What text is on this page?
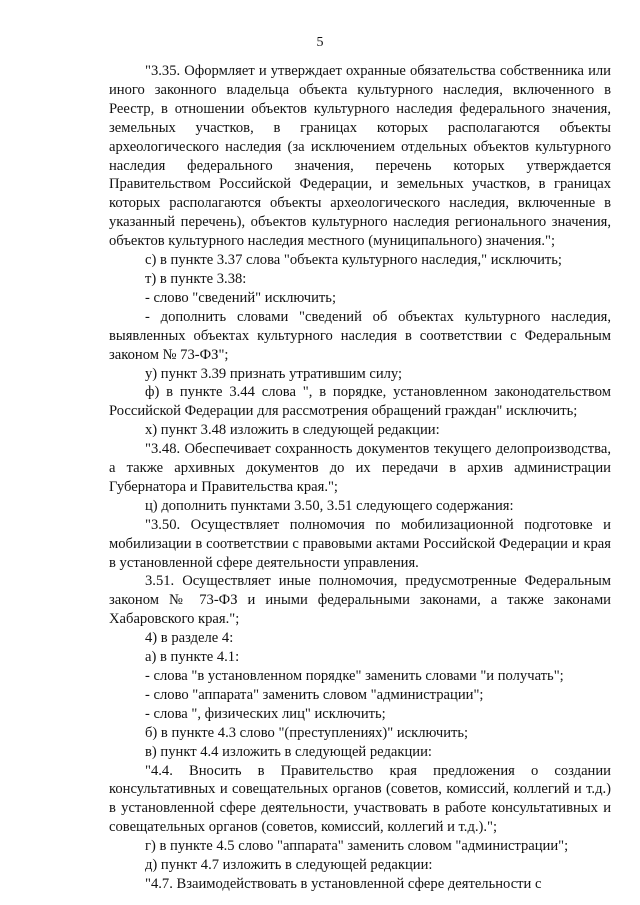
5

"3.35. Оформляет и утверждает охранные обязательства собственника или иного законного владельца объекта культурного наследия, включенного в Реестр, в отношении объектов культурного наследия федерального значения, земельных участков, в границах которых располагаются объекты археологического наследия (за исключением отдельных объектов культурного наследия федерального значения, перечень которых утверждается Правительством Российской Федерации, и земельных участков, в границах которых располагаются объекты археологического наследия, включенные в указанный перечень), объектов культурного наследия регионального значения, объектов культурного наследия местного (муниципального) значения.";

с) в пункте 3.37 слова "объекта культурного наследия," исключить;

т) в пункте 3.38:

- слово "сведений" исключить;

- дополнить словами "сведений об объектах культурного наследия, выявленных объектах культурного наследия в соответствии с Федеральным законом № 73-ФЗ";

у) пункт 3.39 признать утратившим силу;

ф) в пункте 3.44 слова ", в порядке, установленном законодательством Российской Федерации для рассмотрения обращений граждан" исключить;

х) пункт 3.48 изложить в следующей редакции:

"3.48. Обеспечивает сохранность документов текущего делопроизводства, а также архивных документов до их передачи в архив администрации Губернатора и Правительства края.";

ц) дополнить пунктами 3.50, 3.51 следующего содержания:

"3.50. Осуществляет полномочия по мобилизационной подготовке и мобилизации в соответствии с правовыми актами Российской Федерации и края в установленной сфере деятельности управления.

3.51. Осуществляет иные полномочия, предусмотренные Федеральным законом № 73-ФЗ и иными федеральными законами, а также законами Хабаровского края.";

4) в разделе 4:

а) в пункте 4.1:

- слова "в установленном порядке" заменить словами "и получать";

- слово "аппарата" заменить словом "администрации";

- слова ", физических лиц" исключить;

б) в пункте 4.3 слово "(преступлениях)" исключить;

в) пункт 4.4 изложить в следующей редакции:

"4.4. Вносить в Правительство края предложения о создании консультативных и совещательных органов (советов, комиссий, коллегий и т.д.) в установленной сфере деятельности, участвовать в работе консультативных и совещательных органов (советов, комиссий, коллегий и т.д.).";

г) в пункте 4.5 слово "аппарата" заменить словом "администрации";

д) пункт 4.7 изложить в следующей редакции:

"4.7. Взаимодействовать в установленной сфере деятельности с
